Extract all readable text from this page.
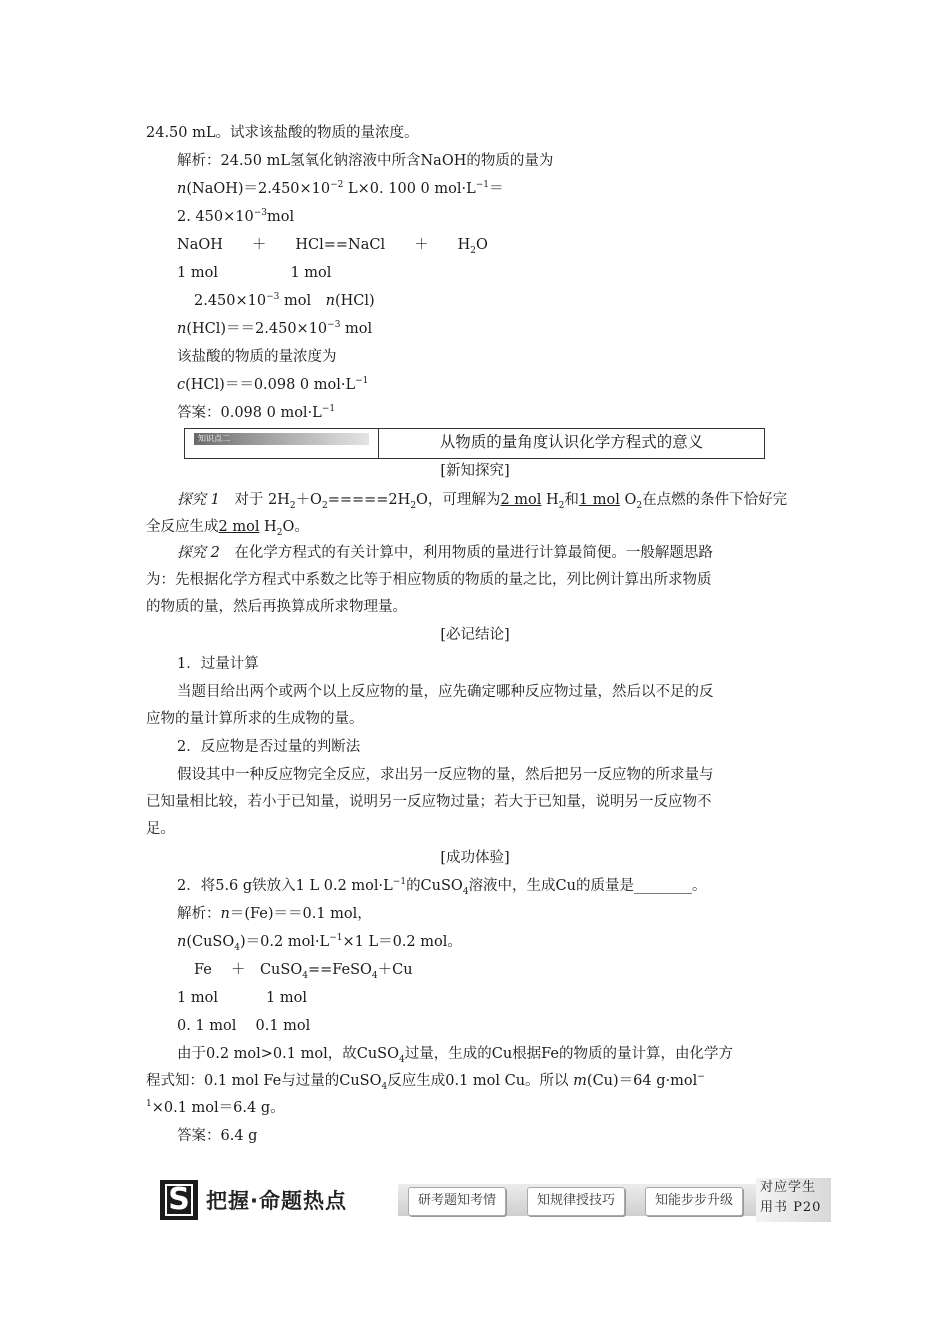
24.50 mL。试求该盐酸的物质的量浓度。
解析：24.50 mL氢氧化钠溶液中所含NaOH的物质的量为
$n(NaOH)=2.450\times 10^{-2}$ L×0. 100 0 $mol\cdot L^{-1}=$
2. $450\times 10^{-3}mol$
NaOH　　＋　　HCl==NaCl　　＋　　$H_2O$
1 mol　　　　　1 mol
$2.450\times 10^{-3}$ mol　n(HCl)
$n(HCl)==2.450\times 10^{-3}$ mol
该盐酸的物质的量浓度为
c(HCl)＝＝0.098 0 $mol\cdot L^{-1}$
答案：0.098 0 $mol\cdot L^{-1}$
知识点二	从物质的量角度认识化学方程式的意义
[新知探究]
探究 1　 对于 $2H_2+O_2=====2H_2O$，可理解为2 mol $H_2$和1 mol $O_2$在点燃的条件下恰好完
全反应生成2 mol $H_2O$。
探究 2　 在化学方程式的有关计算中，利用物质的量进行计算最简便。一般解题思路
为：先根据化学方程式中系数之比等于相应物质的物质的量之比，列比例计算出所求物质
的物质的量，然后再换算成所求物理量。
[必记结论]
1．过量计算
当题目给出两个或两个以上反应物的量，应先确定哪种反应物过量，然后以不足的反
应物的量计算所求的生成物的量。
2．反应物是否过量的判断法
假设其中一种反应物完全反应，求出另一反应物的量，然后把另一反应物的所求量与
已知量相比较，若小于已知量，说明另一反应物过量；若大于已知量，说明另一反应物不
足。
[成功体验]
2．将5.6 g铁放入1 L 0.2 $mol\cdot L^{-1}$的CuSO$_4$溶液中，生成Cu的质量是________。
解析：n＝(Fe)＝＝0.1 mol，
n(CuSO$_4$)＝0.2 $mol\cdot L^{-1}\times 1$ L＝0.2 mol。
Fe　 ＋　CuSO$_4$==FeSO$_4$＋Cu
1 mol　　　 1 mol
0. 1 mol　 0.1 mol
由于0.2 mol>0.1 mol，故CuSO$_4$过量，生成的Cu根据Fe的物质的量计算，由化学方
程式知：0.1 mol Fe与过量的CuSO$_4$反应生成0.1 mol Cu。所以 m(Cu)＝64 g·mol−
$^1$×0.1 mol＝6.4 g。
答案：6.4 g
S 把握·命题热点	研考题知考情	知规律授技巧	知能步步升级
对应学生
用书 P20
